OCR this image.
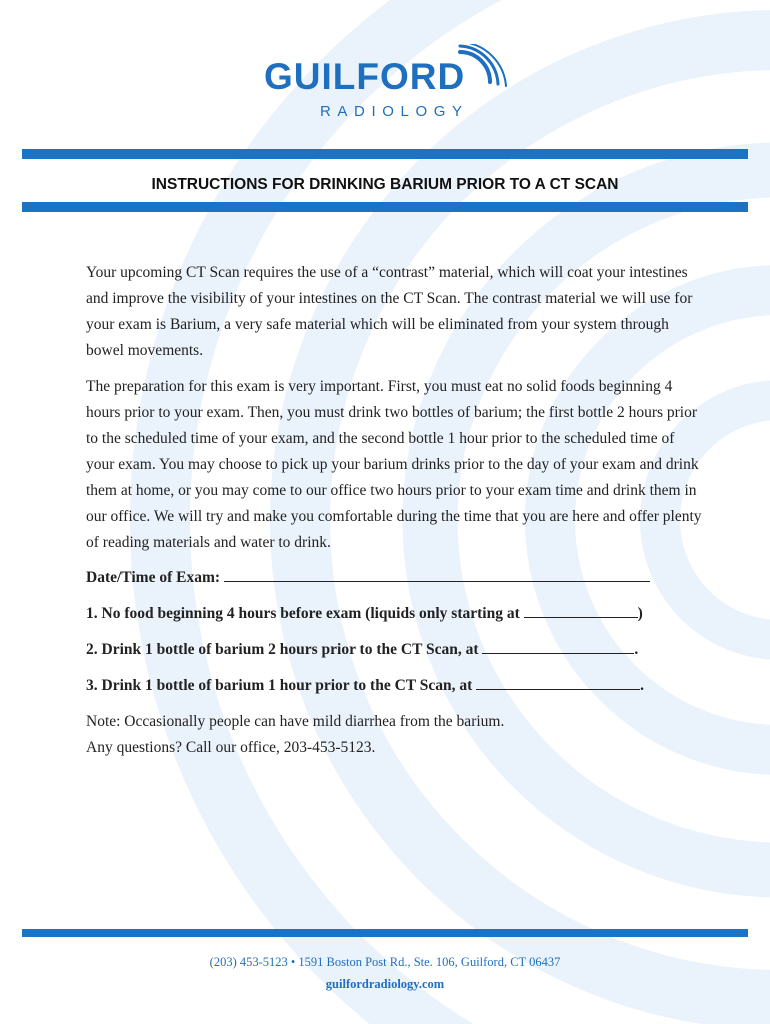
GUILFORD
RADIOLOGY
INSTRUCTIONS FOR DRINKING BARIUM PRIOR TO A CT SCAN

Your upcoming CT Scan requires the use of a “contrast” material, which will coat your intestines and improve the visibility of your intestines on the CT Scan. The contrast material we will use for your exam is Barium, a very safe material which will be eliminated from your system through bowel movements.

The preparation for this exam is very important. First, you must eat no solid foods beginning 4 hours prior to your exam. Then, you must drink two bottles of barium; the first bottle 2 hours prior to the scheduled time of your exam, and the second bottle 1 hour prior to the scheduled time of your exam. You may choose to pick up your barium drinks prior to the day of your exam and drink them at home, or you may come to our office two hours prior to your exam time and drink them in our office. We will try and make you comfortable during the time that you are here and offer plenty of reading materials and water to drink.

Date/Time of Exam:
1. No food beginning 4 hours before exam (liquids only starting at	)
2. Drink 1 bottle of barium 2 hours prior to the CT Scan, at	.
3. Drink 1 bottle of barium 1 hour prior to the CT Scan, at	.

Note: Occasionally people can have mild diarrhea from the barium.

Any questions? Call our office, 203-453-5123.

(203) 453-5123 • 1591 Boston Post Rd., Ste. 106, Guilford, CT 06437
guilfordradiology.com
